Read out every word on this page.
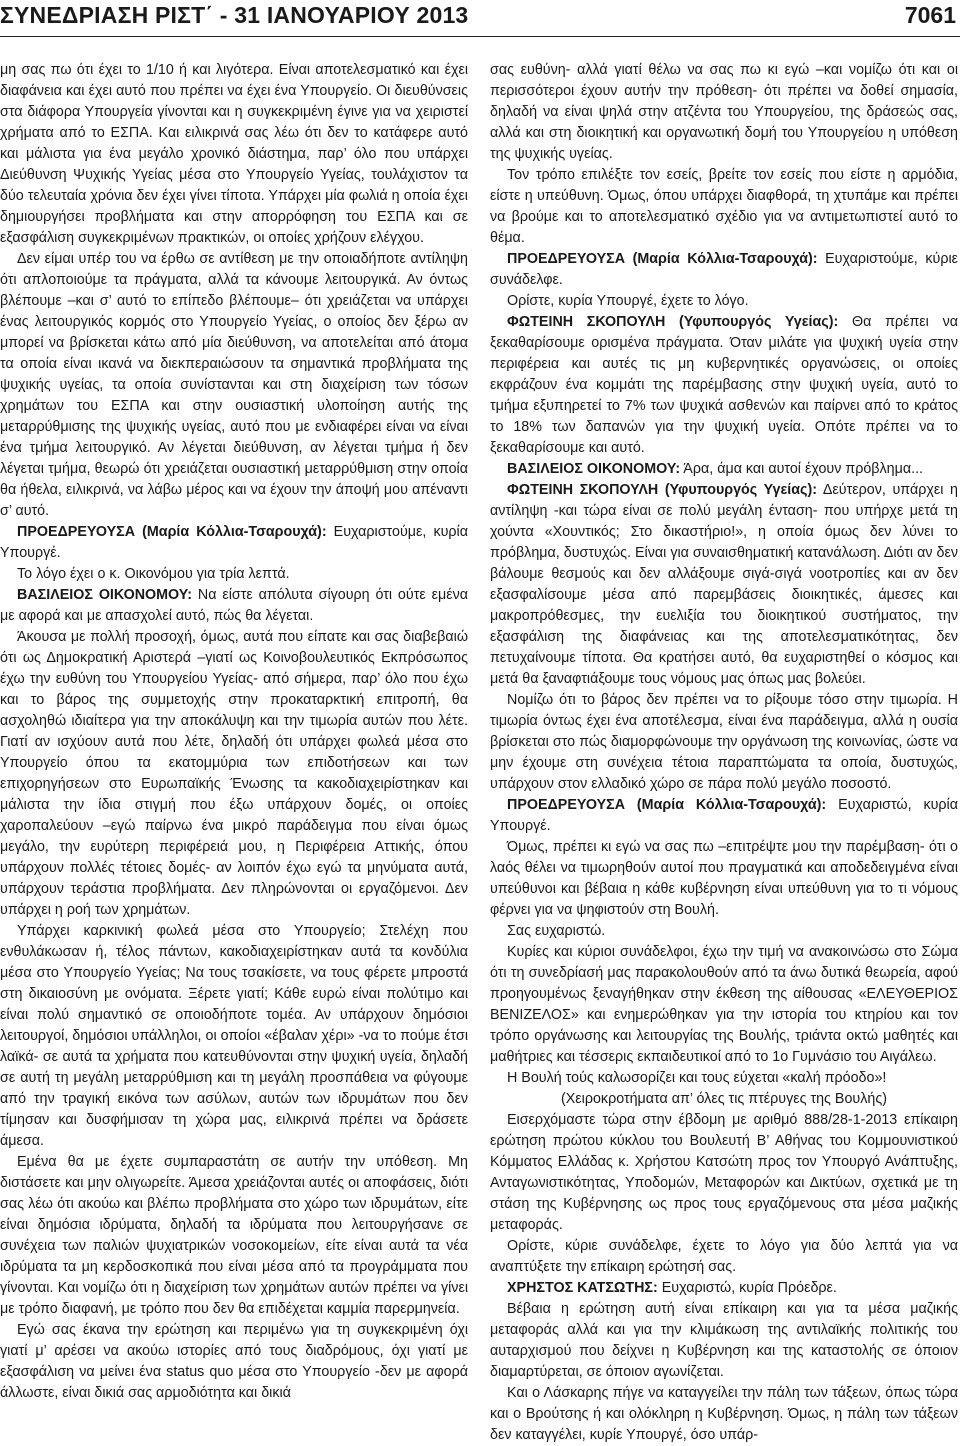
ΣΥΝΕΔΡΙΑΣΗ ΡΙΣΤ΄ - 31 ΙΑΝΟΥΑΡΙΟΥ 2013	7061

μη σας πω ότι έχει το 1/10 ή και λιγότερα. Είναι αποτελεσματικό και έχει διαφάνεια και έχει αυτό που πρέπει να έχει ένα Υπουργείο. Οι διευθύνσεις στα διάφορα Υπουργεία γίνονται και η συγκεκριμένη έγινε για να χειριστεί χρήματα από το ΕΣΠΑ. Και ειλικρινά σας λέω ότι δεν το κατάφερε αυτό και μάλιστα για ένα μεγάλο χρονικό διάστημα, παρ’ όλο που υπάρχει Διεύθυνση Ψυχικής Υγείας μέσα στο Υπουργείο Υγείας, τουλάχιστον τα δύο τελευταία χρόνια δεν έχει γίνει τίποτα. Υπάρχει μία φωλιά η οποία έχει δημιουργήσει προβλήματα και στην απορρόφηση του ΕΣΠΑ και σε εξασφάλιση συγκεκριμένων πρακτικών, οι οποίες χρήζουν ελέγχου.

Δεν είμαι υπέρ του να έρθω σε αντίθεση με την οποιαδήποτε αντίληψη ότι απλοποιούμε τα πράγματα, αλλά τα κάνουμε λειτουργικά. Αν όντως βλέπουμε –και σ’ αυτό το επίπεδο βλέπουμε– ότι χρειάζεται να υπάρχει ένας λειτουργικός κορμός στο Υπουργείο Υγείας, ο οποίος δεν ξέρω αν μπορεί να βρίσκεται κάτω από μία διεύθυνση, να αποτελείται από άτομα τα οποία είναι ικανά να διεκπεραιώσουν τα σημαντικά προβλήματα της ψυχικής υγείας, τα οποία συνίστανται και στη διαχείριση των τόσων χρημάτων του ΕΣΠΑ και στην ουσιαστική υλοποίηση αυτής της μεταρρύθμισης της ψυχικής υγείας, αυτό που με ενδιαφέρει είναι να είναι ένα τμήμα λειτουργικό. Αν λέγεται διεύθυνση, αν λέγεται τμήμα ή δεν λέγεται τμήμα, θεωρώ ότι χρειάζεται ουσιαστική μεταρρύθμιση στην οποία θα ήθελα, ειλικρινά, να λάβω μέρος και να έχουν την άποψή μου απέναντι σ’ αυτό.

ΠΡΟΕΔΡΕΥΟΥΣΑ (Μαρία Κόλλια-Τσαρουχά): Ευχαριστούμε, κυρία Υπουργέ.

Το λόγο έχει ο κ. Οικονόμου για τρία λεπτά.

ΒΑΣΙΛΕΙΟΣ ΟΙΚΟΝΟΜΟΥ: Να είστε απόλυτα σίγουρη ότι ούτε εμένα με αφορά και με απασχολεί αυτό, πώς θα λέγεται.

Άκουσα με πολλή προσοχή, όμως, αυτά που είπατε και σας διαβεβαιώ ότι ως Δημοκρατική Αριστερά –γιατί ως Κοινοβουλευτικός Εκπρόσωπος έχω την ευθύνη του Υπουργείου Υγείας- από σήμερα, παρ’ όλο που έχω και το βάρος της συμμετοχής στην προκαταρκτική επιτροπή, θα ασχοληθώ ιδιαίτερα για την αποκάλυψη και την τιμωρία αυτών που λέτε. Γιατί αν ισχύουν αυτά που λέτε, δηλαδή ότι υπάρχει φωλεά μέσα στο Υπουργείο όπου τα εκατομμύρια των επιδοτήσεων και των επιχορηγήσεων στο Ευρωπαϊκής Ένωσης τα κακοδιαχειρίστηκαν και μάλιστα την ίδια στιγμή που έξω υπάρχουν δομές, οι οποίες χαροπαλεύουν –εγώ παίρνω ένα μικρό παράδειγμα που είναι όμως μεγάλο, την ευρύτερη περιφέρειά μου, η Περιφέρεια Αττικής, όπου υπάρχουν πολλές τέτοιες δομές- αν λοιπόν έχω εγώ τα μηνύματα αυτά, υπάρχουν τεράστια προβλήματα. Δεν πληρώνονται οι εργαζόμενοι. Δεν υπάρχει η ροή των χρημάτων.

Υπάρχει καρκινική φωλεά μέσα στο Υπουργείο; Στελέχη που ενθυλάκωσαν ή, τέλος πάντων, κακοδιαχειρίστηκαν αυτά τα κονδύλια μέσα στο Υπουργείο Υγείας; Να τους τσακίσετε, να τους φέρετε μπροστά στη δικαιοσύνη με ονόματα. Ξέρετε γιατί; Κάθε ευρώ είναι πολύτιμο και είναι πολύ σημαντικό σε οποιοδήποτε τομέα. Αν υπάρχουν δημόσιοι λειτουργοί, δημόσιοι υπάλληλοι, οι οποίοι «έβαλαν χέρι» -να το πούμε έτσι λαϊκά- σε αυτά τα χρήματα που κατευθύνονται στην ψυχική υγεία, δηλαδή σε αυτή τη μεγάλη μεταρρύθμιση και τη μεγάλη προσπάθεια να φύγουμε από την τραγική εικόνα των ασύλων, αυτών των ιδρυμάτων που δεν τίμησαν και δυσφήμισαν τη χώρα μας, ειλικρινά πρέπει να δράσετε άμεσα.

Εμένα θα με έχετε συμπαραστάτη σε αυτήν την υπόθεση. Μη διστάσετε και μην ολιγωρείτε. Άμεσα χρειάζονται αυτές οι αποφάσεις, διότι σας λέω ότι ακούω και βλέπω προβλήματα στο χώρο των ιδρυμάτων, είτε είναι δημόσια ιδρύματα, δηλαδή τα ιδρύματα που λειτουργήσανε σε συνέχεια των παλιών ψυχιατρικών νοσοκομείων, είτε είναι αυτά τα νέα ιδρύματα τα μη κερδοσκοπικά που είναι μέσα από τα προγράμματα που γίνονται. Και νομίζω ότι η διαχείριση των χρημάτων αυτών πρέπει να γίνει με τρόπο διαφανή, με τρόπο που δεν θα επιδέχεται καμμία παρερμηνεία.

Εγώ σας έκανα την ερώτηση και περιμένω για τη συγκεκριμένη όχι γιατί μ’ αρέσει να ακούω ιστορίες από τους διαδρόμους, όχι γιατί με εξασφάλιση να μείνει ένα status quo μέσα στο Υπουργείο -δεν με αφορά άλλωστε, είναι δικιά σας αρμοδιότητα και δικιά

σας ευθύνη- αλλά γιατί θέλω να σας πω κι εγώ –και νομίζω ότι και οι περισσότεροι έχουν αυτήν την πρόθεση- ότι πρέπει να δοθεί σημασία, δηλαδή να είναι ψηλά στην ατζέντα του Υπουργείου, της δράσεώς σας, αλλά και στη διοικητική και οργανωτική δομή του Υπουργείου η υπόθεση της ψυχικής υγείας.

Τον τρόπο επιλέξτε τον εσείς, βρείτε τον εσείς που είστε η αρμόδια, είστε η υπεύθυνη. Όμως, όπου υπάρχει διαφθορά, τη χτυπάμε και πρέπει να βρούμε και το αποτελεσματικό σχέδιο για να αντιμετωπιστεί αυτό το θέμα.

ΠΡΟΕΔΡΕΥΟΥΣΑ (Μαρία Κόλλια-Τσαρουχά): Ευχαριστούμε, κύριε συνάδελφε.

Ορίστε, κυρία Υπουργέ, έχετε το λόγο.

ΦΩΤΕΙΝΗ ΣΚΟΠΟΥΛΗ (Υφυπουργός Υγείας): Θα πρέπει να ξεκαθαρίσουμε ορισμένα πράγματα. Όταν μιλάτε για ψυχική υγεία στην περιφέρεια και αυτές τις μη κυβερνητικές οργανώσεις, οι οποίες εκφράζουν ένα κομμάτι της παρέμβασης στην ψυχική υγεία, αυτό το τμήμα εξυπηρετεί το 7% των ψυχικά ασθενών και παίρνει από το κράτος το 18% των δαπανών για την ψυχική υγεία. Οπότε πρέπει να το ξεκαθαρίσουμε και αυτό.

ΒΑΣΙΛΕΙΟΣ ΟΙΚΟΝΟΜΟΥ: Άρα, άμα και αυτοί έχουν πρόβλημα...

ΦΩΤΕΙΝΗ ΣΚΟΠΟΥΛΗ (Υφυπουργός Υγείας): Δεύτερον, υπάρχει η αντίληψη -και τώρα είναι σε πολύ μεγάλη ένταση- που υπήρχε μετά τη χούντα «Χουντικός; Στο δικαστήριο!», η οποία όμως δεν λύνει το πρόβλημα, δυστυχώς. Είναι για συναισθηματική κατανάλωση. Διότι αν δεν βάλουμε θεσμούς και δεν αλλάξουμε σιγά-σιγά νοοτροπίες και αν δεν εξασφαλίσουμε μέσα από παρεμβάσεις διοικητικές, άμεσες και μακροπρόθεσμες, την ευελιξία του διοικητικού συστήματος, την εξασφάλιση της διαφάνειας και της αποτελεσματικότητας, δεν πετυχαίνουμε τίποτα. Θα κρατήσει αυτό, θα ευχαριστηθεί ο κόσμος και μετά θα ξαναφτιάξουμε τους νόμους μας όπως μας βολεύει.

Νομίζω ότι το βάρος δεν πρέπει να το ρίξουμε τόσο στην τιμωρία. Η τιμωρία όντως έχει ένα αποτέλεσμα, είναι ένα παράδειγμα, αλλά η ουσία βρίσκεται στο πώς διαμορφώνουμε την οργάνωση της κοινωνίας, ώστε να μην έχουμε στη συνέχεια τέτοια παραπτώματα τα οποία, δυστυχώς, υπάρχουν στον ελλαδικό χώρο σε πάρα πολύ μεγάλο ποσοστό.

ΠΡΟΕΔΡΕΥΟΥΣΑ (Μαρία Κόλλια-Τσαρουχά): Ευχαριστώ, κυρία Υπουργέ.

Όμως, πρέπει κι εγώ να σας πω –επιτρέψτε μου την παρέμβαση- ότι ο λαός θέλει να τιμωρηθούν αυτοί που πραγματικά και αποδεδειγμένα είναι υπεύθυνοι και βέβαια η κάθε κυβέρνηση είναι υπεύθυνη για το τι νόμους φέρνει για να ψηφιστούν στη Βουλή.

Σας ευχαριστώ.

Κυρίες και κύριοι συνάδελφοι, έχω την τιμή να ανακοινώσω στο Σώμα ότι τη συνεδρίασή μας παρακολουθούν από τα άνω δυτικά θεωρεία, αφού προηγουμένως ξεναγήθηκαν στην έκθεση της αίθουσας «ΕΛΕΥΘΕΡΙΟΣ ΒΕΝΙΖΕΛΟΣ» και ενημερώθηκαν για την ιστορία του κτηρίου και τον τρόπο οργάνωσης και λειτουργίας της Βουλής, τριάντα οκτώ μαθητές και μαθήτριες και τέσσερις εκπαιδευτικοί από το 1ο Γυμνάσιο του Αιγάλεω.

Η Βουλή τούς καλωσορίζει και τους εύχεται «καλή πρόοδο»!

(Χειροκροτήματα απ’ όλες τις πτέρυγες της Βουλής)

Εισερχόμαστε τώρα στην έβδομη με αριθμό 888/28-1-2013 επίκαιρη ερώτηση πρώτου κύκλου του Βουλευτή Β’ Αθήνας του Κομμουνιστικού Κόμματος Ελλάδας κ. Χρήστου Κατσώτη προς τον Υπουργό Ανάπτυξης, Ανταγωνιστικότητας, Υποδομών, Μεταφορών και Δικτύων, σχετικά με τη στάση της Κυβέρνησης ως προς τους εργαζόμενους στα μέσα μαζικής μεταφοράς.

Ορίστε, κύριε συνάδελφε, έχετε το λόγο για δύο λεπτά για να αναπτύξετε την επίκαιρη ερώτησή σας.

ΧΡΗΣΤΟΣ ΚΑΤΣΩΤΗΣ: Ευχαριστώ, κυρία Πρόεδρε.

Βέβαια η ερώτηση αυτή είναι επίκαιρη και για τα μέσα μαζικής μεταφοράς αλλά και για την κλιμάκωση της αντιλαϊκής πολιτικής του αυταρχισμού που δείχνει η Κυβέρνηση και της καταστολής σε όποιον διαμαρτύρεται, σε όποιον αγωνίζεται.

Και ο Λάσκαρης πήγε να καταγγείλει την πάλη των τάξεων, όπως τώρα και ο Βρούτσης ή και ολόκληρη η Κυβέρνηση. Όμως, η πάλη των τάξεων δεν καταγγέλει, κυρίε Υπουργέ, όσο υπάρ-
